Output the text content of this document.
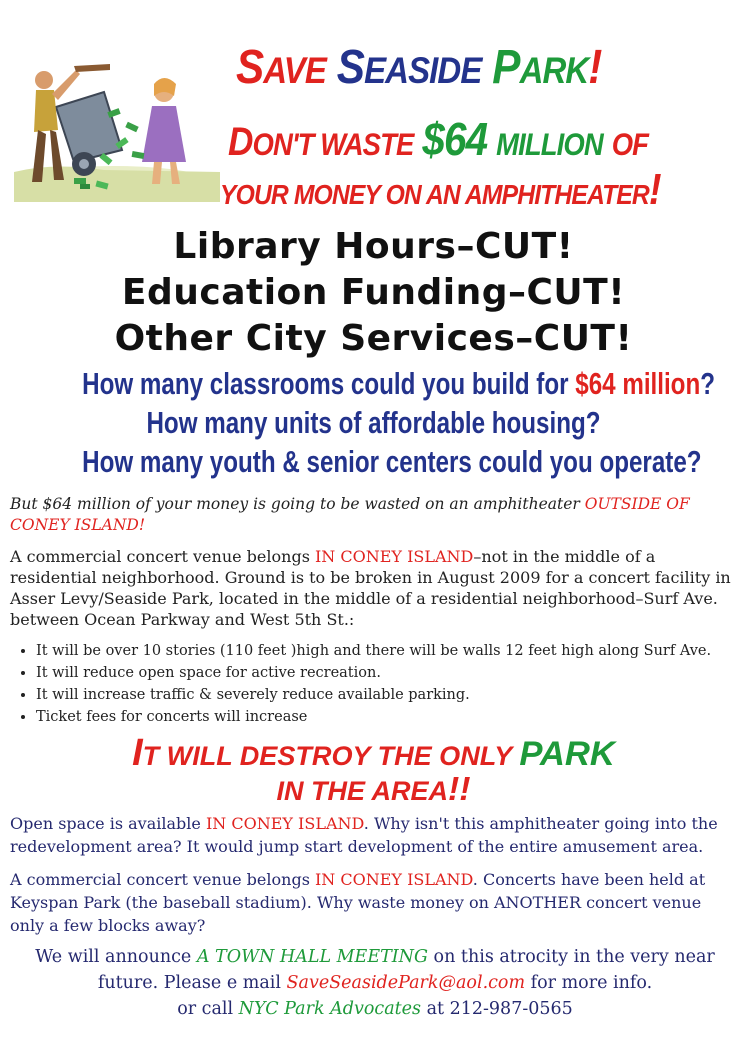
SAVE SEASIDE PARK!
DON'T WASTE $64 MILLION OF
YOUR MONEY ON AN AMPHITHEATER!
Library Hours–CUT!
Education Funding–CUT!
Other City Services–CUT!
How many classrooms could you build for $64 million?
How many units of affordable housing?
How many youth & senior centers could you operate?
But $64 million of your money is going to be wasted on an amphitheater OUTSIDE OF CONEY ISLAND!
A commercial concert venue belongs IN CONEY ISLAND–not in the middle of a residential neighborhood. Ground is to be broken in August 2009 for a concert facility in Asser Levy/Seaside Park, located in the middle of a residential neighborhood–Surf Ave. between Ocean Parkway and West 5th St.:
• It will be over 10 stories (110 feet )high and there will be walls 12 feet high along Surf Ave.
• It will reduce open space for active recreation.
• It will increase traffic & severely reduce available parking.
• Ticket fees for concerts will increase
IT WILL DESTROY THE ONLY PARK
IN THE AREA!!
Open space is available IN CONEY ISLAND. Why isn't this amphitheater going into the redevelopment area? It would jump start development of the entire amusement area.
A commercial concert venue belongs IN CONEY ISLAND. Concerts have been held at Keyspan Park (the baseball stadium). Why waste money on ANOTHER concert venue only a few blocks away?
We will announce A TOWN HALL MEETING on this atrocity in the very near future. Please e mail SaveSeasidePark@aol.com for more info.
or call NYC Park Advocates at 212-987-0565
